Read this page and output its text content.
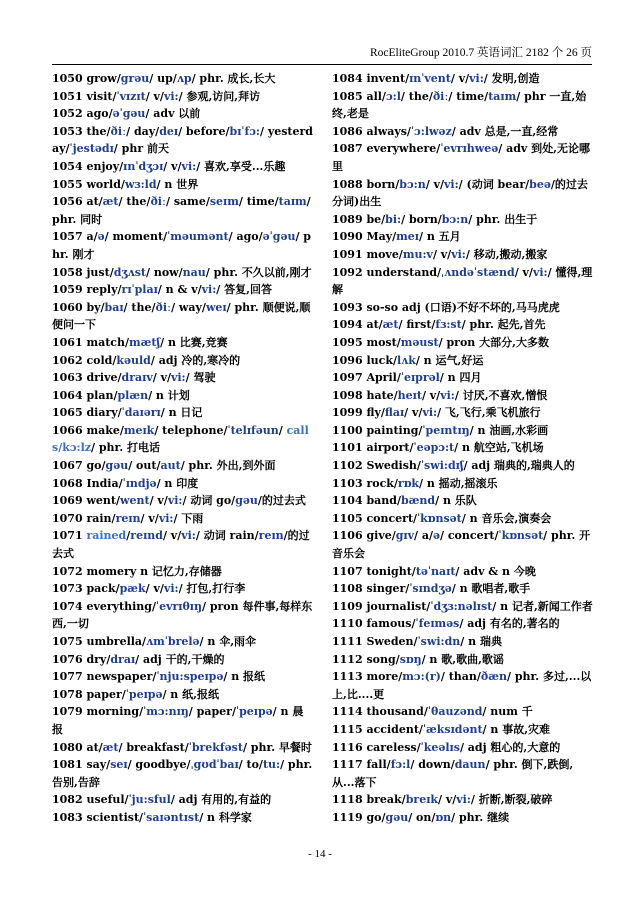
RocEliteGroup 2010.7 英语词汇 2182 个 26 页

1050 grow/grəu/ up/ʌp/ phr. 成长,长大

1051 visit/ˈvɪzɪt/ v/vi:/ 参观,访问,拜访

1052 ago/əˈgəu/ adv 以前

1053 the/ðiː/ day/deɪ/ before/bɪˈfɔ:/ yesterday/ˈjestədɪ/ phr 前天

1054 enjoy/ɪnˈdʒɔɪ/ v/vi:/ 喜欢,享受...乐趣

1055 world/wɜ:ld/ n 世界

1056 at/æt/ the/ðiː/ same/seɪm/ time/taɪm/ phr. 同时

1057 a/ə/ moment/ˈməumənt/ ago/əˈgəu/ phr. 刚才

1058 just/dʒʌst/ now/nau/ phr. 不久以前,刚才

1059 reply/rɪˈplaɪ/ n & v/vi:/ 答复,回答

1060 by/baɪ/ the/ðiː/ way/weɪ/ phr. 顺便说,顺便问一下

1061 match/mætʃ/ n 比赛,竞赛

1062 cold/kəuld/ adj 冷的,寒冷的

1063 drive/draɪv/ v/vi:/ 驾驶

1064 plan/plæn/ n 计划

1065 diary/ˈdaɪərɪ/ n 日记

1066 make/meɪk/ telephone/ˈtelɪfəun/ calls/kɔ:lz/ phr. 打电话

1067 go/gəu/ out/aut/ phr. 外出,到外面

1068 India/ˈɪndjə/ n 印度

1069 went/went/ v/vi:/ 动词 go/gəu/的过去式

1070 rain/reɪn/ v/vi:/ 下雨

1071 rained/reɪnd/ v/vi:/ 动词 rain/reɪn/的过去式

1072 momery n 记忆力,存储器

1073 pack/pæk/ v/vi:/ 打包,打行李

1074 everything/ˈevrɪθɪŋ/ pron 每件事,每样东西,一切

1075 umbrella/ʌmˈbrelə/ n 伞,雨伞

1076 dry/draɪ/ adj 干的,干燥的

1077 newspaper/ˈnju:speɪpə/ n 报纸

1078 paper/ˈpeɪpə/ n 纸,报纸

1079 morning/ˈmɔ:nɪŋ/ paper/ˈpeɪpə/ n 晨报

1080 at/æt/ breakfast/ˈbrekfəst/ phr. 早餐时

1081 say/seɪ/ goodbye/ˌgʊdˈbaɪ/ to/tu:/ phr. 告别,告辞

1082 useful/ˈju:sful/ adj 有用的,有益的

1083 scientist/ˈsaɪəntɪst/ n 科学家

1084 invent/ɪnˈvent/ v/vi:/ 发明,创造

1085 all/ɔ:l/ the/ðiː/ time/taɪm/ phr 一直,始终,老是

1086 always/ˈɔ:lwəz/ adv 总是,一直,经常

1087 everywhere/ˈevrɪhweə/ adv 到处,无论哪里

1088 born/bɔ:n/ v/vi:/ (动词 bear/beə/的过去分词)出生

1089 be/bi:/ born/bɔ:n/ phr. 出生于

1090 May/meɪ/ n 五月

1091 move/mu:v/ v/vi:/ 移动,搬动,搬家

1092 understand/ˌʌndəˈstænd/ v/vi:/ 懂得,理解

1093 so-so adj (口语)不好不坏的,马马虎虎

1094 at/æt/ first/fɜ:st/ phr. 起先,首先

1095 most/məust/ pron 大部分,大多数

1096 luck/lʌk/ n 运气,好运

1097 April/ˈeɪprəl/ n 四月

1098 hate/heɪt/ v/vi:/ 讨厌,不喜欢,憎恨

1099 fly/flaɪ/ v/vi:/ 飞,飞行,乘飞机旅行

1100 painting/ˈpeɪntɪŋ/ n 油画,水彩画

1101 airport/ˈeəpɔ:t/ n 航空站,飞机场

1102 Swedish/ˈswi:dɪʃ/ adj 瑞典的,瑞典人的

1103 rock/rɒk/ n 摇动,摇滚乐

1104 band/bænd/ n 乐队

1105 concert/ˈkɒnsət/ n 音乐会,演奏会

1106 give/gɪv/ a/ə/ concert/ˈkɒnsət/ phr. 开音乐会

1107 tonight/təˈnaɪt/ adv & n 今晚

1108 singer/ˈsɪndʒə/ n 歌唱者,歌手

1109 journalist/ˈdʒɜ:nəlɪst/ n 记者,新闻工作者

1110 famous/ˈfeɪməs/ adj 有名的,著名的

1111 Sweden/ˈswi:dn/ n 瑞典

1112 song/sɒŋ/ n 歌,歌曲,歌谣

1113 more/mɔ:(r)/ than/ðæn/ phr. 多过,...以上,比....更

1114 thousand/ˈθauzənd/ num 千

1115 accident/ˈæksɪdənt/ n 事故,灾难

1116 careless/ˈkeəlɪs/ adj 粗心的,大意的

1117 fall/fɔ:l/ down/daun/ phr. 倒下,跌倒,从...落下

1118 break/breɪk/ v/vi:/ 折断,断裂,破碎

1119 go/gəu/ on/ɒn/ phr. 继续

- 14 -
